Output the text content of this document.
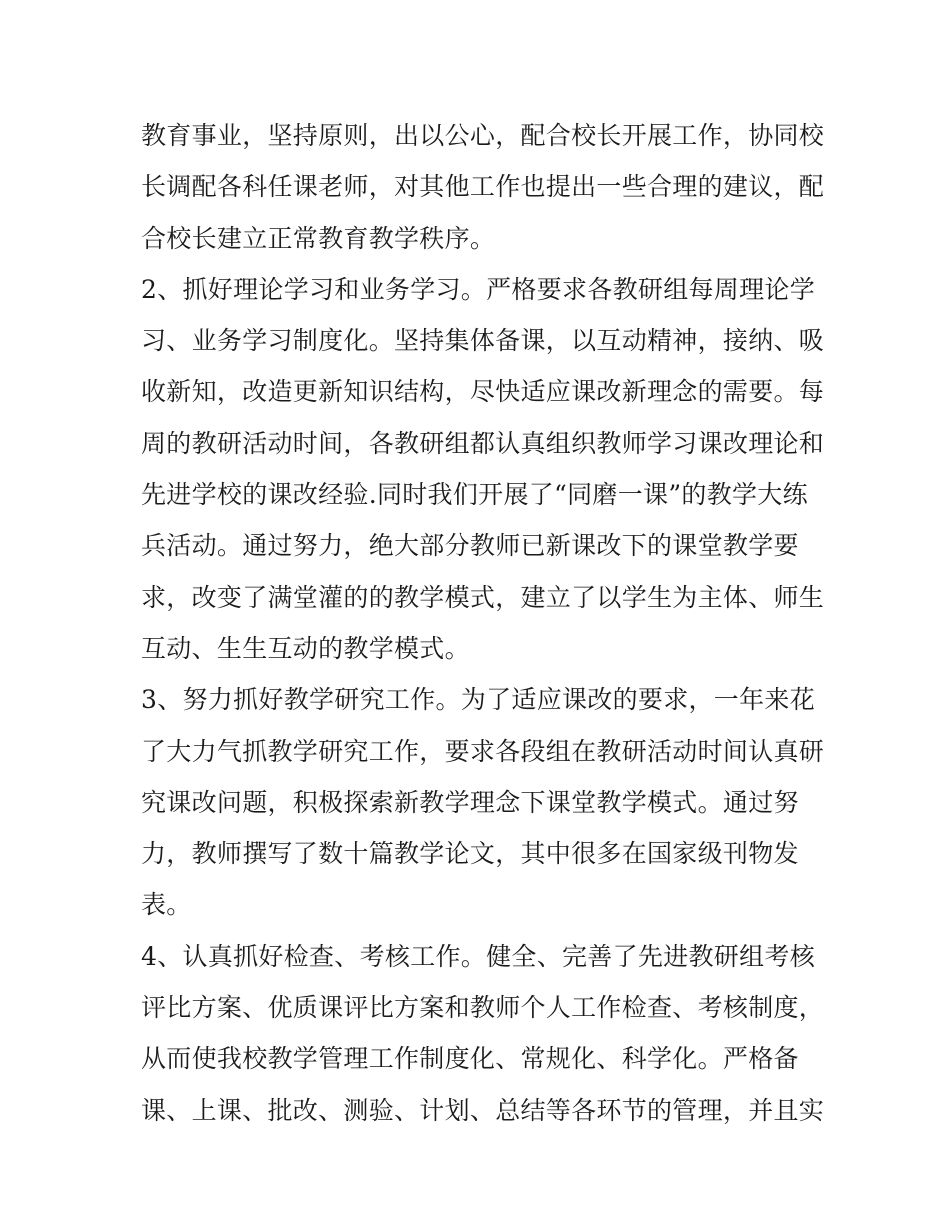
教育事业，坚持原则，出以公心，配合校长开展工作，协同校
长调配各科任课老师，对其他工作也提出一些合理的建议，配
合校长建立正常教育教学秩序。
2、抓好理论学习和业务学习。严格要求各教研组每周理论学
习、业务学习制度化。坚持集体备课，以互动精神，接纳、吸
收新知，改造更新知识结构，尽快适应课改新理念的需要。每
周的教研活动时间，各教研组都认真组织教师学习课改理论和
先进学校的课改经验.同时我们开展了“同磨一课”的教学大练
兵活动。通过努力，绝大部分教师已新课改下的课堂教学要
求，改变了满堂灌的的教学模式，建立了以学生为主体、师生
互动、生生互动的教学模式。
3、努力抓好教学研究工作。为了适应课改的要求，一年来花
了大力气抓教学研究工作，要求各段组在教研活动时间认真研
究课改问题，积极探索新教学理念下课堂教学模式。通过努
力，教师撰写了数十篇教学论文，其中很多在国家级刊物发
表。
4、认真抓好检查、考核工作。健全、完善了先进教研组考核
评比方案、优质课评比方案和教师个人工作检查、考核制度，
从而使我校教学管理工作制度化、常规化、科学化。严格备
课、上课、批改、测验、计划、总结等各环节的管理，并且实
